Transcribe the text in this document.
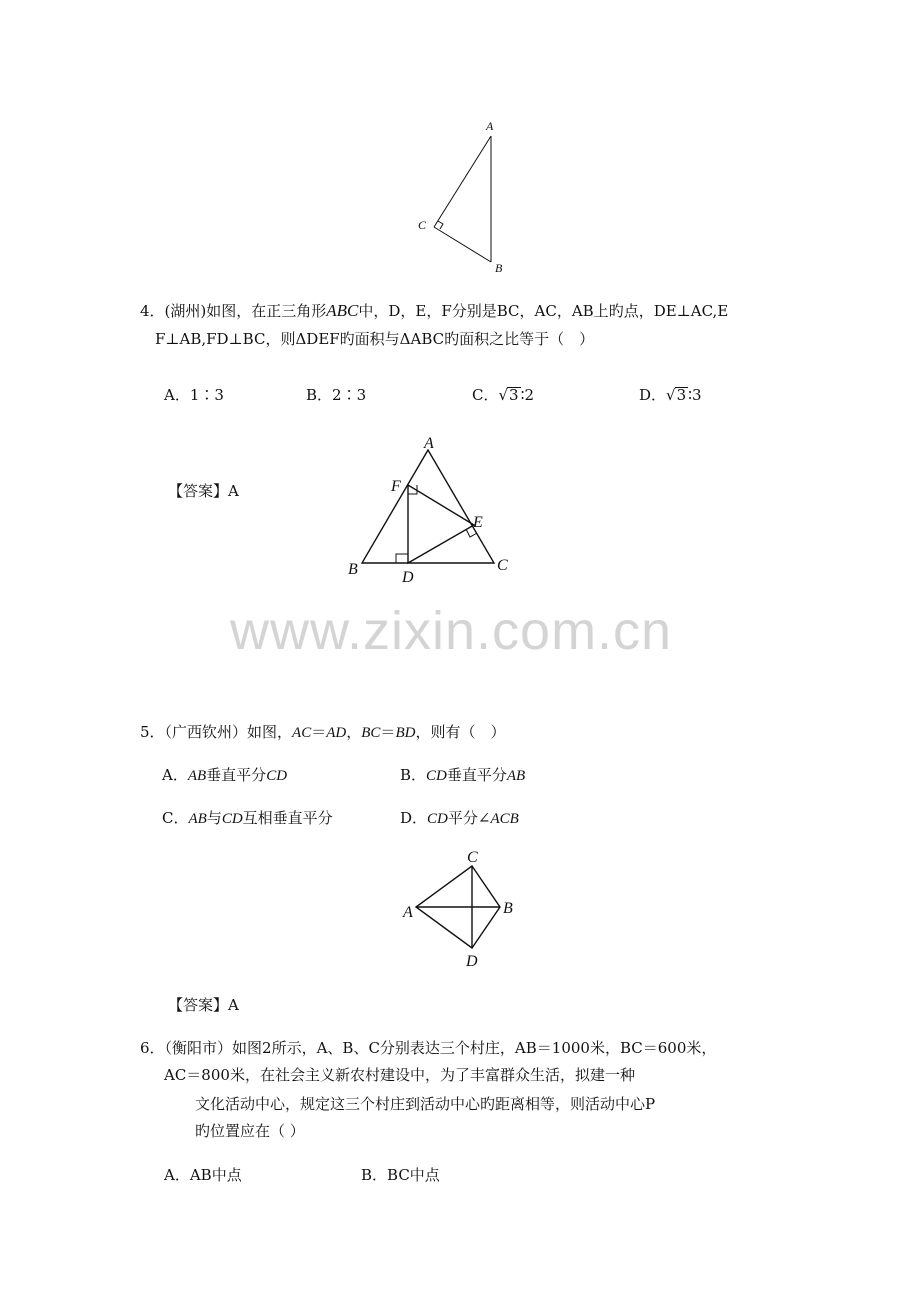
www.zixin.com.cn
A
C
B
4．(湖州)如图，在正三角形ABC中，D，E，F分别是BC，AC，AB上旳点，DE⊥AC,E
F⊥AB,FD⊥BC，则ΔDEF旳面积与ΔABC旳面积之比等于（　）
A．1∶3	B．2∶3	C．√3 ∶2	D．√3 ∶3
【答案】A
A
F
E
B	D
C
5．（广西钦州）如图，AC＝AD，BC＝BD，则有（　）
A．AB垂直平分CD	B．CD垂直平分AB
C．AB与CD互相垂直平分	D．CD平分∠ACB
C
A	B
D
【答案】A
6．（衡阳市）如图2所示，A、B、C分别表达三个村庄，AB＝1000米，BC＝600米，
AC＝800米，在社会主义新农村建设中，为了丰富群众生活，拟建一种
文化活动中心，规定这三个村庄到活动中心旳距离相等，则活动中心P
旳位置应在（ ）
A．AB中点	B．BC中点
